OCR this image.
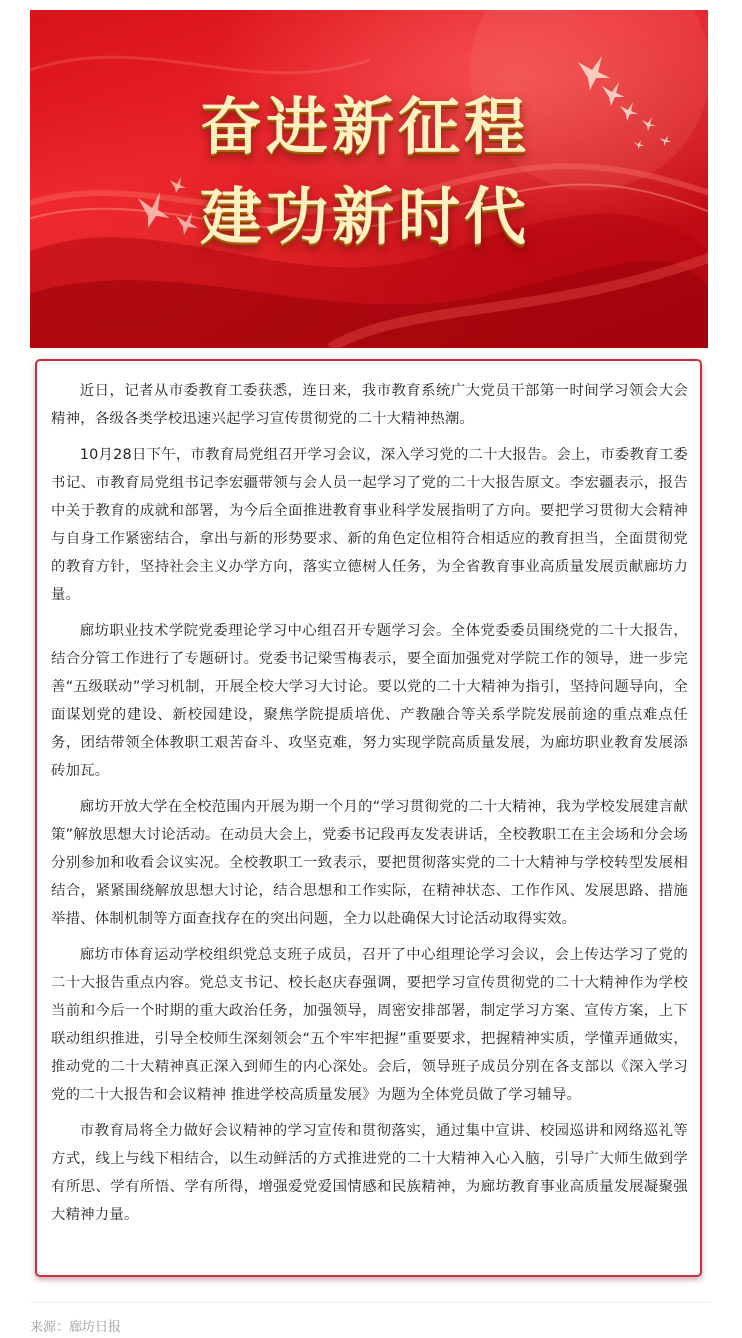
奋进新征程
建功新时代

近日，记者从市委教育工委获悉，连日来，我市教育系统广大党员干部第一时间学习领会大会精神，各级各类学校迅速兴起学习宣传贯彻党的二十大精神热潮。

10月28日下午，市教育局党组召开学习会议，深入学习党的二十大报告。会上，市委教育工委书记、市教育局党组书记李宏疆带领与会人员一起学习了党的二十大报告原文。李宏疆表示，报告中关于教育的成就和部署，为今后全面推进教育事业科学发展指明了方向。要把学习贯彻大会精神与自身工作紧密结合，拿出与新的形势要求、新的角色定位相符合相适应的教育担当，全面贯彻党的教育方针，坚持社会主义办学方向，落实立德树人任务，为全省教育事业高质量发展贡献廊坊力量。

廊坊职业技术学院党委理论学习中心组召开专题学习会。全体党委委员围绕党的二十大报告，结合分管工作进行了专题研讨。党委书记梁雪梅表示，要全面加强党对学院工作的领导，进一步完善“五级联动”学习机制，开展全校大学习大讨论。要以党的二十大精神为指引，坚持问题导向，全面谋划党的建设、新校园建设，聚焦学院提质培优、产教融合等关系学院发展前途的重点难点任务，团结带领全体教职工艰苦奋斗、攻坚克难，努力实现学院高质量发展，为廊坊职业教育发展添砖加瓦。

廊坊开放大学在全校范围内开展为期一个月的“学习贯彻党的二十大精神，我为学校发展建言献策”解放思想大讨论活动。在动员大会上，党委书记段再友发表讲话，全校教职工在主会场和分会场分别参加和收看会议实况。全校教职工一致表示，要把贯彻落实党的二十大精神与学校转型发展相结合，紧紧围绕解放思想大讨论，结合思想和工作实际，在精神状态、工作作风、发展思路、措施举措、体制机制等方面查找存在的突出问题，全力以赴确保大讨论活动取得实效。

廊坊市体育运动学校组织党总支班子成员，召开了中心组理论学习会议，会上传达学习了党的二十大报告重点内容。党总支书记、校长赵庆春强调，要把学习宣传贯彻党的二十大精神作为学校当前和今后一个时期的重大政治任务，加强领导，周密安排部署，制定学习方案、宣传方案，上下联动组织推进，引导全校师生深刻领会“五个牢牢把握”重要要求，把握精神实质，学懂弄通做实，推动党的二十大精神真正深入到师生的内心深处。会后，领导班子成员分别在各支部以《深入学习党的二十大报告和会议精神 推进学校高质量发展》为题为全体党员做了学习辅导。

市教育局将全力做好会议精神的学习宣传和贯彻落实，通过集中宣讲、校园巡讲和网络巡礼等方式，线上与线下相结合，以生动鲜活的方式推进党的二十大精神入心入脑，引导广大师生做到学有所思、学有所悟、学有所得，增强爱党爱国情感和民族精神，为廊坊教育事业高质量发展凝聚强大精神力量。

来源：廊坊日报
